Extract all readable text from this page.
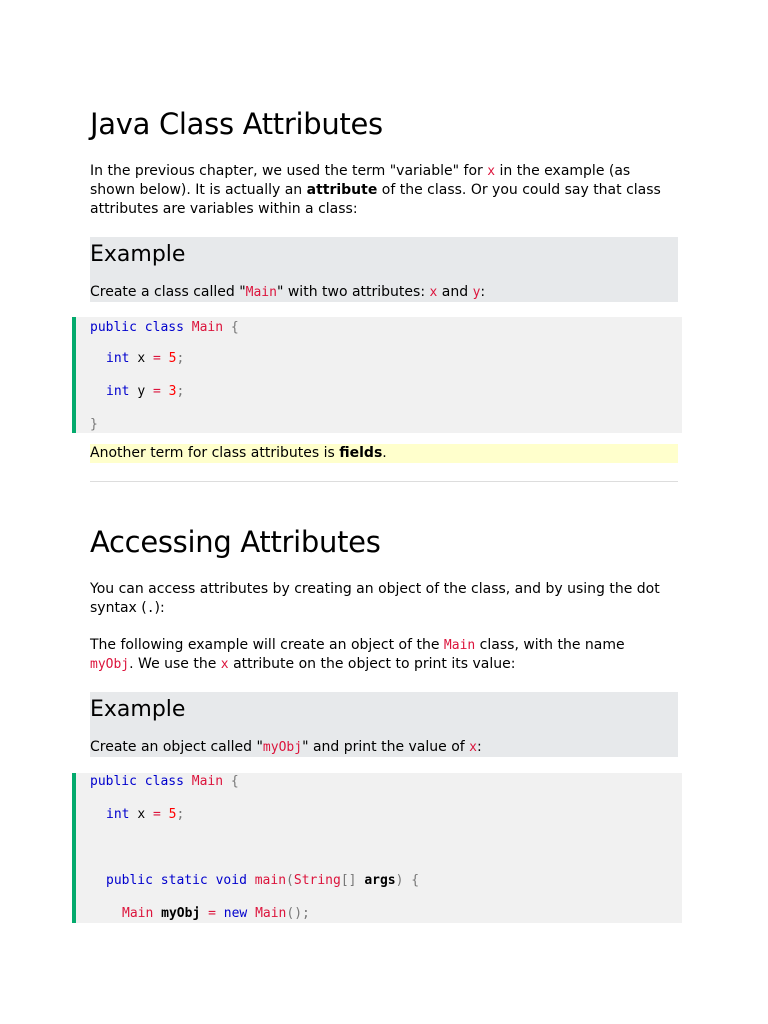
Java Class Attributes

In the previous chapter, we used the term "variable" for x in the example (as shown below). It is actually an attribute of the class. Or you could say that class attributes are variables within a class:

Example

Create a class called "Main" with two attributes: x and y:

public class Main {
int x = 5;
int y = 3;
}
Another term for class attributes is fields.
Accessing Attributes

You can access attributes by creating an object of the class, and by using the dot syntax (.):

The following example will create an object of the Main class, with the name myObj. We use the x attribute on the object to print its value:

Example

Create an object called "myObj" and print the value of x:

public class Main {
int x = 5;
public static void main(String[] args) {
Main myObj = new Main();
